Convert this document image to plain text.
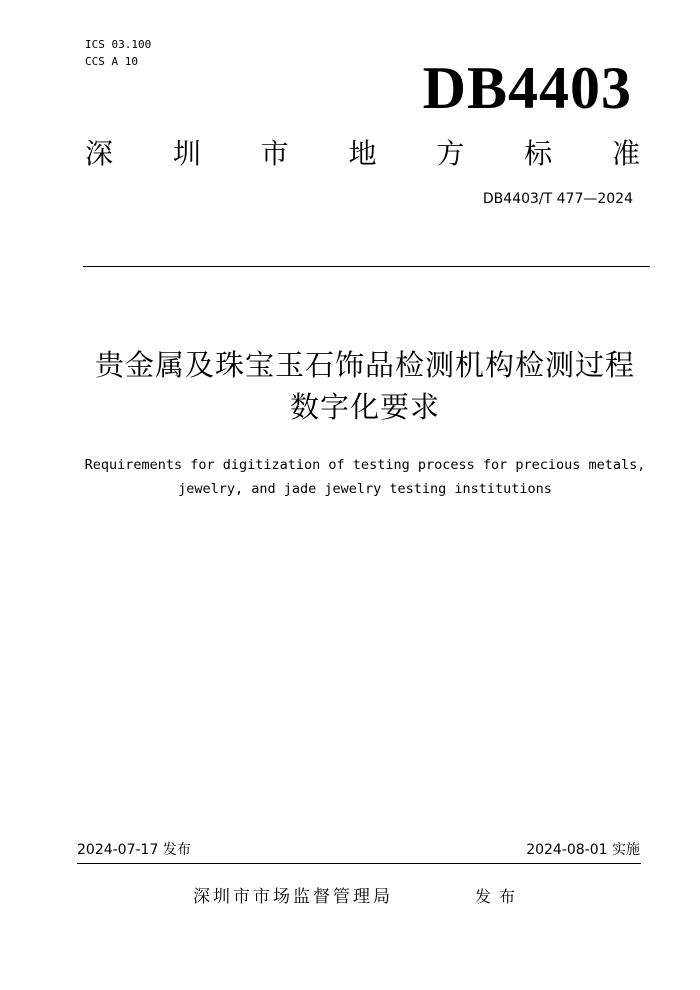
ICS 03.100
CCS A 10	DB4403
深 圳 市 地 方 标 准
DB4403/T 477—2024
贵金属及珠宝玉石饰品检测机构检测过程
数字化要求
Requirements for digitization of testing process for precious metals,
jewelry, and jade jewelry testing institutions
2024-07-17 发布	2024-08-01 实施
深圳市市场监督管理局	发布
